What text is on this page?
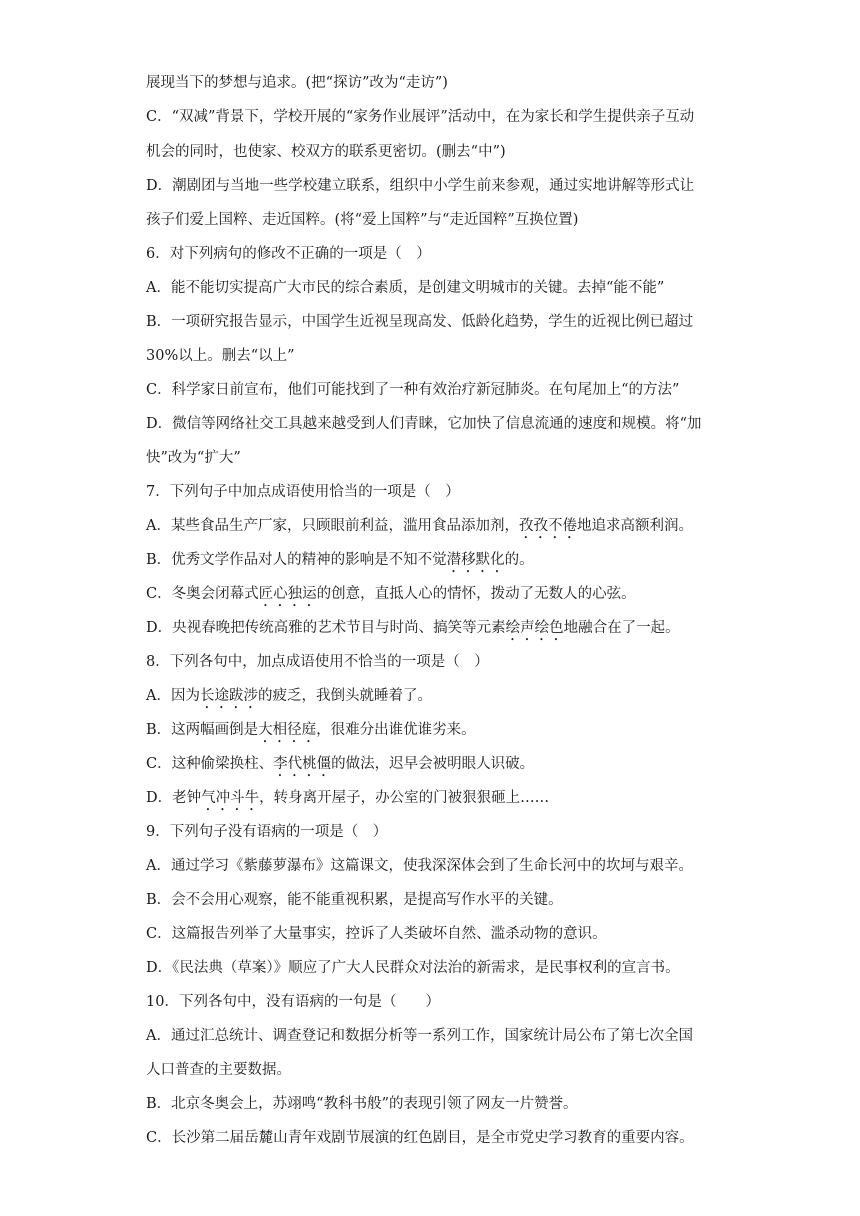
展现当下的梦想与追求。(把“探访”改为“走访”)
C．“双减”背景下，学校开展的“家务作业展评”活动中，在为家长和学生提供亲子互动
机会的同时，也使家、校双方的联系更密切。(删去“中”)
D．潮剧团与当地一些学校建立联系，组织中小学生前来参观，通过实地讲解等形式让
孩子们爱上国粹、走近国粹。(将“爱上国粹”与“走近国粹”互换位置)
6．对下列病句的修改不正确的一项是（　）
A．能不能切实提高广大市民的综合素质，是创建文明城市的关键。去掉“能不能”
B．一项研究报告显示，中国学生近视呈现高发、低龄化趋势，学生的近视比例已超过
30%以上。删去“以上”
C．科学家日前宣布，他们可能找到了一种有效治疗新冠肺炎。在句尾加上“的方法”
D．微信等网络社交工具越来越受到人们青睐，它加快了信息流通的速度和规模。将“加
快”改为“扩大”
7．下列句子中加点成语使用恰当的一项是（　）
A．某些食品生产厂家，只顾眼前利益，滥用食品添加剂，孜孜不倦地追求高额利润。
B．优秀文学作品对人的精神的影响是不知不觉潜移默化的。
C．冬奥会闭幕式匠心独运的创意，直抵人心的情怀，拨动了无数人的心弦。
D．央视春晚把传统高雅的艺术节目与时尚、搞笑等元素绘声绘色地融合在了一起。
8．下列各句中，加点成语使用不恰当的一项是（　）
A．因为长途跋涉的疲乏，我倒头就睡着了。
B．这两幅画倒是大相径庭，很难分出谁优谁劣来。
C．这种偷梁换柱、李代桃僵的做法，迟早会被明眼人识破。
D．老钟气冲斗牛，转身离开屋子，办公室的门被狠狠砸上……
9．下列句子没有语病的一项是（　）
A．通过学习《紫藤萝瀑布》这篇课文，使我深深体会到了生命长河中的坎坷与艰辛。
B．会不会用心观察，能不能重视积累，是提高写作水平的关键。
C．这篇报告列举了大量事实，控诉了人类破坏自然、滥杀动物的意识。
D．《民法典（草案）》顺应了广大人民群众对法治的新需求，是民事权利的宣言书。
10．下列各句中，没有语病的一句是（　　）
A．通过汇总统计、调查登记和数据分析等一系列工作，国家统计局公布了第七次全国
人口普查的主要数据。
B．北京冬奥会上，苏翊鸣“教科书般”的表现引领了网友一片赞誉。
C．长沙第二届岳麓山青年戏剧节展演的红色剧目，是全市党史学习教育的重要内容。
